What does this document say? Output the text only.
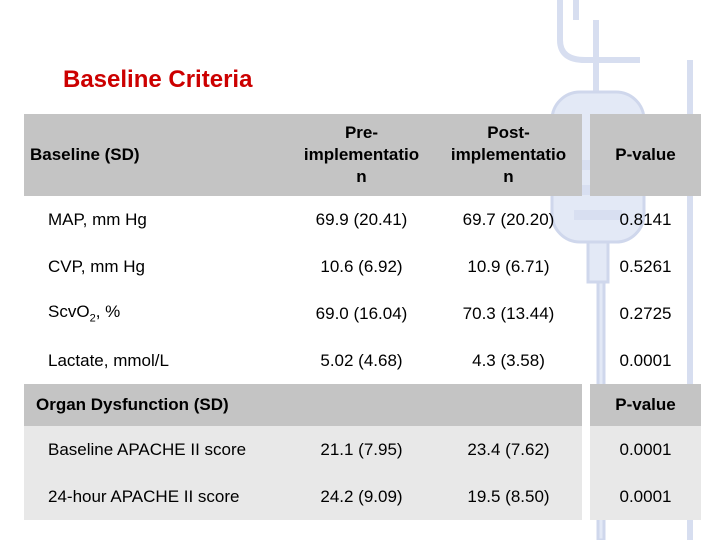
Baseline Criteria
Baseline (SD)	Pre-
implementatio
n	Post-
implementatio
n		P-value
MAP, mm Hg	69.9 (20.41)	69.7 (20.20)		0.8141
CVP, mm Hg	10.6 (6.92)	10.9 (6.71)		0.5261
ScvO$_2$, %	69.0 (16.04)	70.3 (13.44)		0.2725
Lactate, mmol/L	5.02 (4.68)	4.3 (3.58)		0.0001
Organ Dysfunction (SD)				P-value
Baseline APACHE II score	21.1 (7.95)	23.4 (7.62)		0.0001
24-hour APACHE II score	24.2 (9.09)	19.5 (8.50)		0.0001
